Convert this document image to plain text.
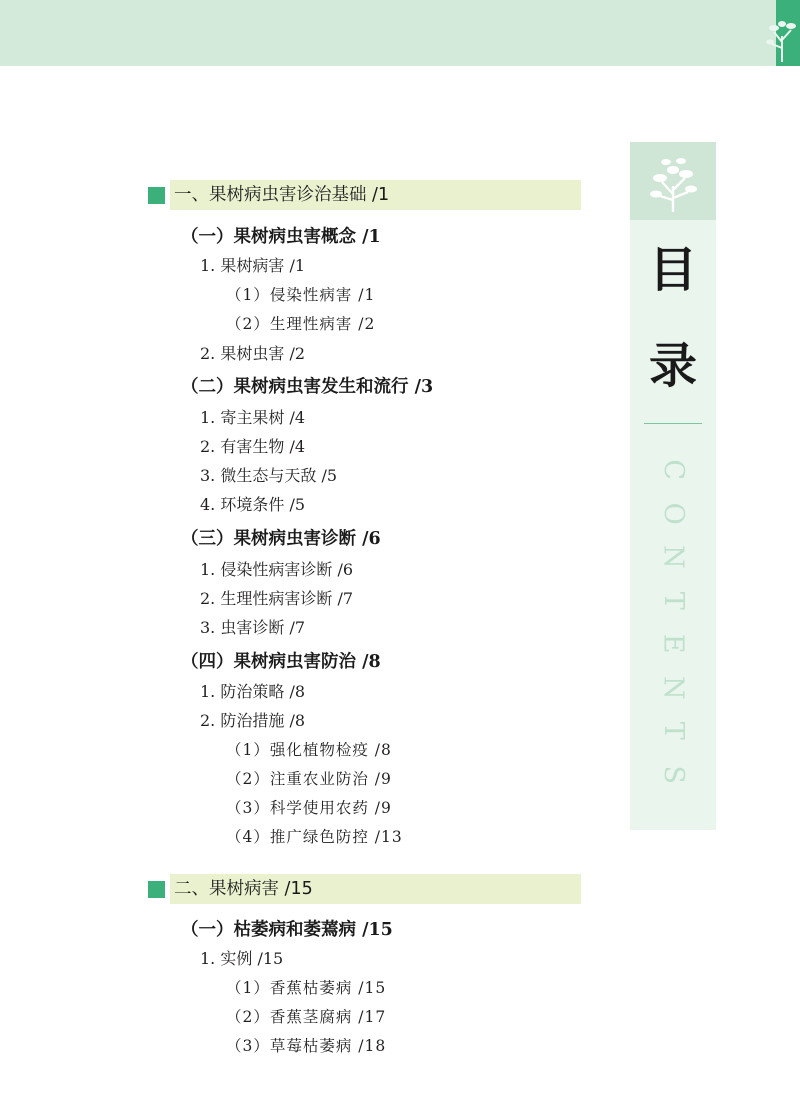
目
录
C
O
N
T
E
N
T
S
一、果树病虫害诊治基础 /1
（一）果树病虫害概念 /1
1. 果树病害 /1
（1）侵染性病害 /1
（2）生理性病害 /2
2. 果树虫害 /2
（二）果树病虫害发生和流行 /3
1. 寄主果树 /4
2. 有害生物 /4
3. 微生态与天敌 /5
4. 环境条件 /5
（三）果树病虫害诊断 /6
1. 侵染性病害诊断 /6
2. 生理性病害诊断 /7
3. 虫害诊断 /7
（四）果树病虫害防治 /8
1. 防治策略 /8
2. 防治措施 /8
（1）强化植物检疫 /8
（2）注重农业防治 /9
（3）科学使用农药 /9
（4）推广绿色防控 /13
二、果树病害 /15
（一）枯萎病和萎蔫病 /15
1. 实例 /15
（1）香蕉枯萎病 /15
（2）香蕉茎腐病 /17
（3）草莓枯萎病 /18
